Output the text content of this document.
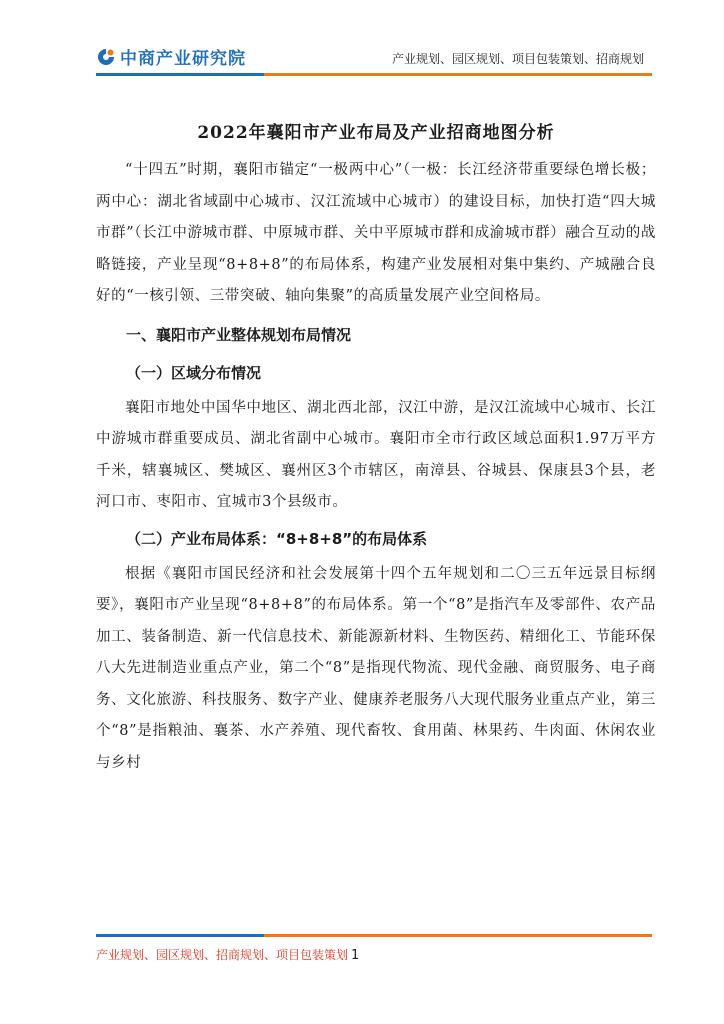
中商产业研究院	产业规划、园区规划、项目包装策划、招商规划
2022年襄阳市产业布局及产业招商地图分析

“十四五”时期，襄阳市锚定“一极两中心”（一极：长江经济带重要绿色增长极；两中心：湖北省域副中心城市、汉江流域中心城市）的建设目标，加快打造“四大城市群”（长江中游城市群、中原城市群、关中平原城市群和成渝城市群）融合互动的战略链接，产业呈现“8+8+8”的布局体系，构建产业发展相对集中集约、产城融合良好的“一核引领、三带突破、轴向集聚”的高质量发展产业空间格局。

一、襄阳市产业整体规划布局情况
（一）区域分布情况

襄阳市地处中国华中地区、湖北西北部，汉江中游，是汉江流域中心城市、长江中游城市群重要成员、湖北省副中心城市。襄阳市全市行政区域总面积1.97万平方千米，辖襄城区、樊城区、襄州区3个市辖区，南漳县、谷城县、保康县3个县，老河口市、枣阳市、宜城市3个县级市。

（二）产业布局体系：“8+8+8”的布局体系

根据《襄阳市国民经济和社会发展第十四个五年规划和二〇三五年远景目标纲要》，襄阳市产业呈现“8+8+8”的布局体系。第一个“8”是指汽车及零部件、农产品加工、装备制造、新一代信息技术、新能源新材料、生物医药、精细化工、节能环保八大先进制造业重点产业，第二个“8”是指现代物流、现代金融、商贸服务、电子商务、文化旅游、科技服务、数字产业、健康养老服务八大现代服务业重点产业，第三个“8”是指粮油、襄茶、水产养殖、现代畜牧、食用菌、林果药、牛肉面、休闲农业与乡村

产业规划、园区规划、招商规划、项目包装策划 1
